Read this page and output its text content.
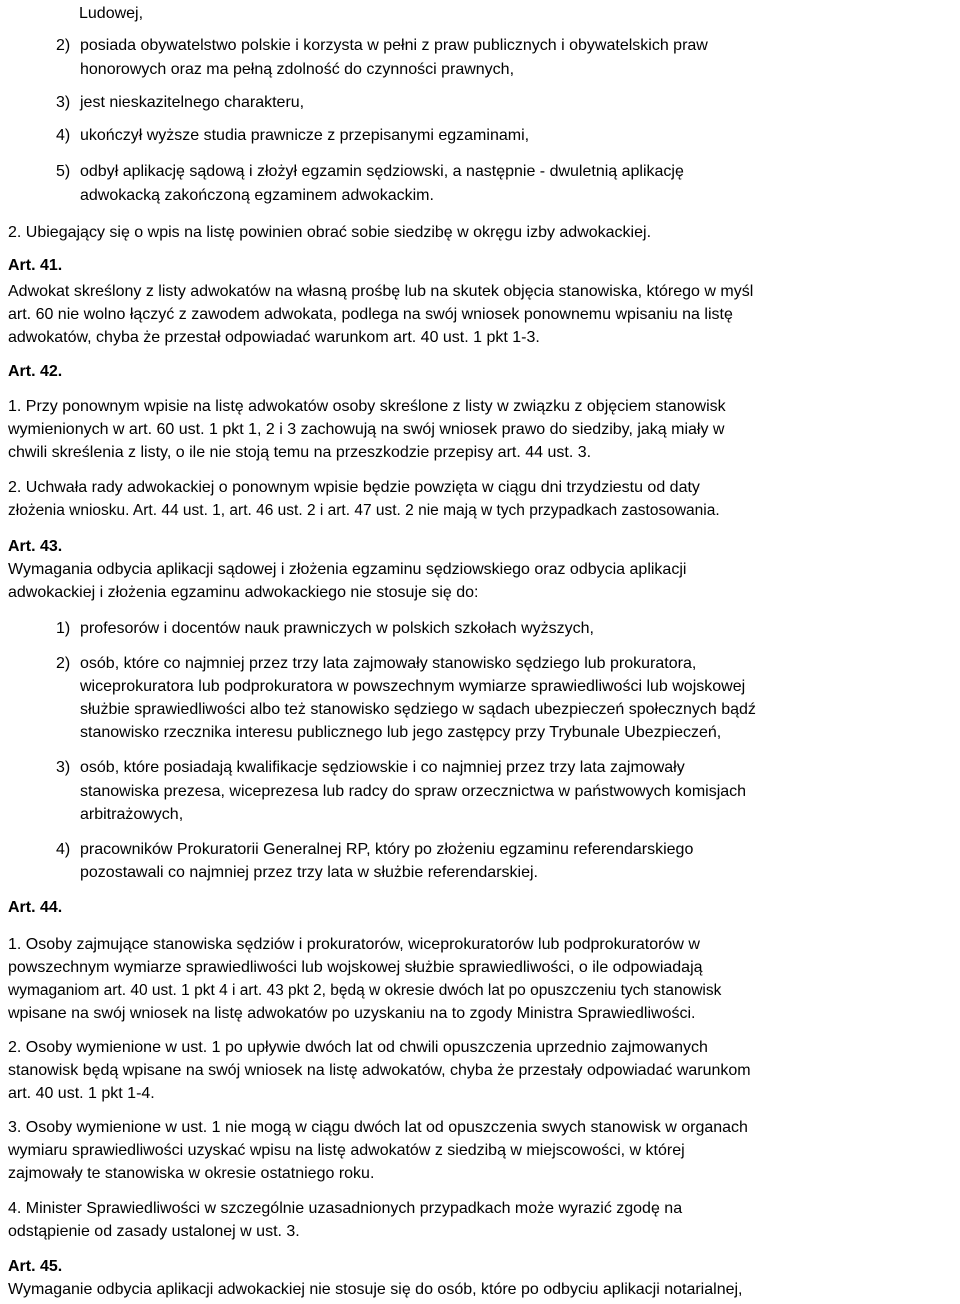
Ludowej,
2) posiada obywatelstwo polskie i korzysta w pełni z praw publicznych i obywatelskich praw
honorowych oraz ma pełną zdolność do czynności prawnych,
3) jest nieskazitelnego charakteru,
4) ukończył wyższe studia prawnicze z przepisanymi egzaminami,
5) odbył aplikację sądową i złożył egzamin sędziowski, a następnie - dwuletnią aplikację
adwokacką zakończoną egzaminem adwokackim.
2. Ubiegający się o wpis na listę powinien obrać sobie siedzibę w okręgu izby adwokackiej.
Art. 41.
Adwokat skreślony z listy adwokatów na własną prośbę lub na skutek objęcia stanowiska, którego w myśl
art. 60 nie wolno łączyć z zawodem adwokata, podlega na swój wniosek ponownemu wpisaniu na listę
adwokatów, chyba że przestał odpowiadać warunkom art. 40 ust. 1 pkt 1-3.
Art. 42.
1. Przy ponownym wpisie na listę adwokatów osoby skreślone z listy w związku z objęciem stanowisk
wymienionych w art. 60 ust. 1 pkt 1, 2 i 3 zachowują na swój wniosek prawo do siedziby, jaką miały w
chwili skreślenia z listy, o ile nie stoją temu na przeszkodzie przepisy art. 44 ust. 3.
2. Uchwała rady adwokackiej o ponownym wpisie będzie powzięta w ciągu dni trzydziestu od daty
złożenia wniosku. Art. 44 ust. 1, art. 46 ust. 2 i art. 47 ust. 2 nie mają w tych przypadkach zastosowania.
Art. 43.
Wymagania odbycia aplikacji sądowej i złożenia egzaminu sędziowskiego oraz odbycia aplikacji
adwokackiej i złożenia egzaminu adwokackiego nie stosuje się do:
1) profesorów i docentów nauk prawniczych w polskich szkołach wyższych,
2) osób, które co najmniej przez trzy lata zajmowały stanowisko sędziego lub prokuratora,
wiceprokuratora lub podprokuratora w powszechnym wymiarze sprawiedliwości lub wojskowej
służbie sprawiedliwości albo też stanowisko sędziego w sądach ubezpieczeń społecznych bądź
stanowisko rzecznika interesu publicznego lub jego zastępcy przy Trybunale Ubezpieczeń,
3) osób, które posiadają kwalifikacje sędziowskie i co najmniej przez trzy lata zajmowały
stanowiska prezesa, wiceprezesa lub radcy do spraw orzecznictwa w państwowych komisjach
arbitrażowych,
4) pracowników Prokuratorii Generalnej RP, który po złożeniu egzaminu referendarskiego
pozostawali co najmniej przez trzy lata w służbie referendarskiej.
Art. 44.
1. Osoby zajmujące stanowiska sędziów i prokuratorów, wiceprokuratorów lub podprokuratorów w
powszechnym wymiarze sprawiedliwości lub wojskowej służbie sprawiedliwości, o ile odpowiadają
wymaganiom art. 40 ust. 1 pkt 4 i art. 43 pkt 2, będą w okresie dwóch lat po opuszczeniu tych stanowisk
wpisane na swój wniosek na listę adwokatów po uzyskaniu na to zgody Ministra Sprawiedliwości.
2. Osoby wymienione w ust. 1 po upływie dwóch lat od chwili opuszczenia uprzednio zajmowanych
stanowisk będą wpisane na swój wniosek na listę adwokatów, chyba że przestały odpowiadać warunkom
art. 40 ust. 1 pkt 1-4.
3. Osoby wymienione w ust. 1 nie mogą w ciągu dwóch lat od opuszczenia swych stanowisk w organach
wymiaru sprawiedliwości uzyskać wpisu na listę adwokatów z siedzibą w miejscowości, w której
zajmowały te stanowiska w okresie ostatniego roku.
4. Minister Sprawiedliwości w szczególnie uzasadnionych przypadkach może wyrazić zgodę na
odstąpienie od zasady ustalonej w ust. 3.
Art. 45.
Wymaganie odbycia aplikacji adwokackiej nie stosuje się do osób, które po odbyciu aplikacji notarialnej,
